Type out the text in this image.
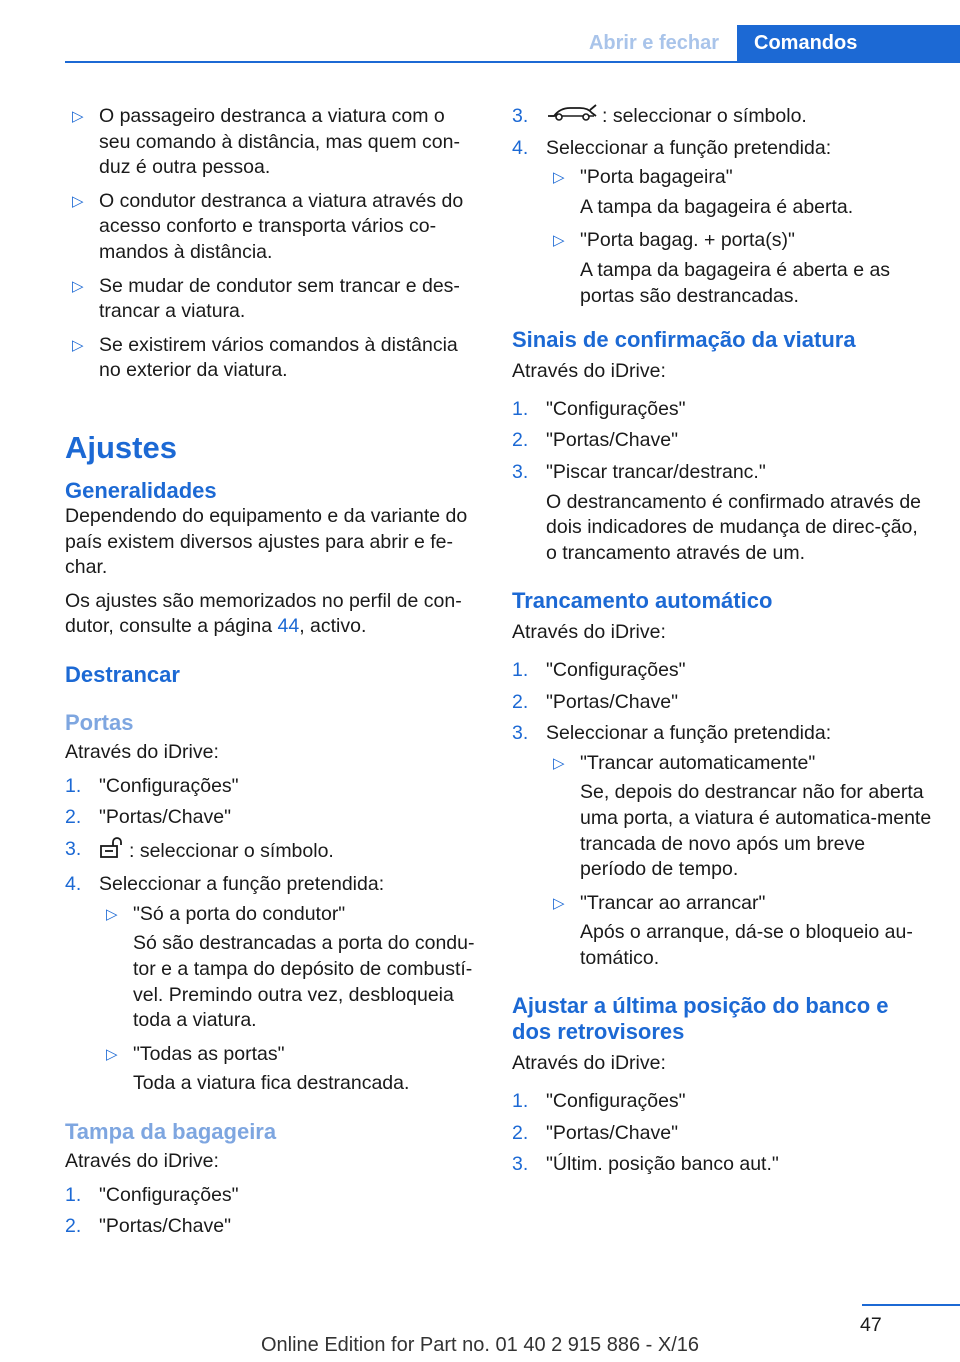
Abrir e fechar	Comandos
▷ O passageiro destranca a viatura com o seu comando à distância, mas quem con-duz é outra pessoa.
▷ O condutor destranca a viatura através do acesso conforto e transporta vários co-mandos à distância.
▷ Se mudar de condutor sem trancar e des-trancar a viatura.
▷ Se existirem vários comandos à distância no exterior da viatura.
Ajustes
Generalidades

Dependendo do equipamento e da variante do país existem diversos ajustes para abrir e fe-char.

Os ajustes são memorizados no perfil de con-dutor, consulte a página 44, activo.

Destrancar
Portas

Através do iDrive:

1. "Configurações"
2. "Portas/Chave"
3. : seleccionar o símbolo.
4. Seleccionar a função pretendida:
▷ "Só a porta do condutor"
Só são destrancadas a porta do condu-tor e a tampa do depósito de combustí-vel. Premindo outra vez, desbloqueia toda a viatura.
▷ "Todas as portas"
Toda a viatura fica destrancada.
Tampa da bagageira

Através do iDrive:

1. "Configurações"
2. "Portas/Chave"
3.	: seleccionar o símbolo.
4. Seleccionar a função pretendida:
▷ "Porta bagageira"
A tampa da bagageira é aberta.
▷ "Porta bagag. + porta(s)"
A tampa da bagageira é aberta e as portas são destrancadas.
Sinais de confirmação da viatura

Através do iDrive:

1. "Configurações"
2. "Portas/Chave"
3. "Piscar trancar/destranc."
O destrancamento é confirmado através de dois indicadores de mudança de direc-ção, o trancamento através de um.
Trancamento automático

Através do iDrive:

1. "Configurações"
2. "Portas/Chave"
3. Seleccionar a função pretendida:
▷ "Trancar automaticamente"
Se, depois do destrancar não for aberta uma porta, a viatura é automatica-mente trancada de novo após um breve período de tempo.
▷ "Trancar ao arrancar"
Após o arranque, dá-se o bloqueio au-tomático.
Ajustar a última posição do banco e dos retrovisores

Através do iDrive:

1. "Configurações"
2. "Portas/Chave"
3. "Últim. posição banco aut."
47
Online Edition for Part no. 01 40 2 915 886 - X/16
